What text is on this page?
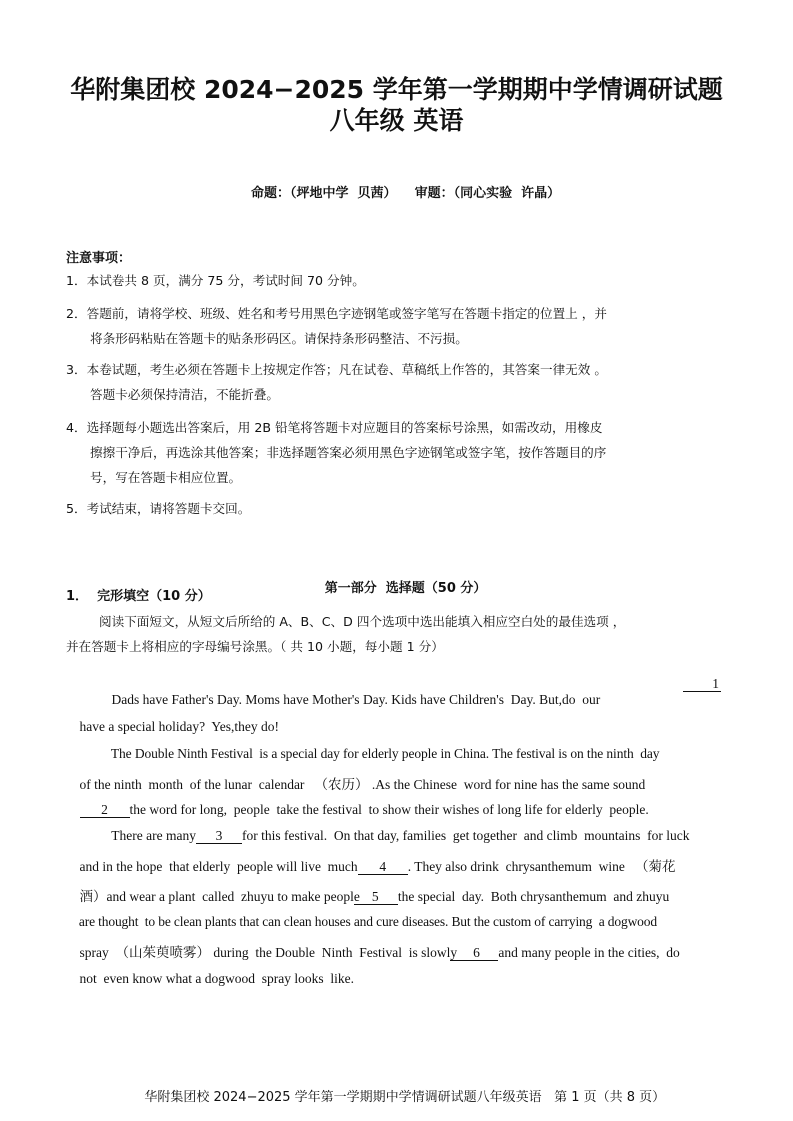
华附集团校 2024−2025 学年第一学期期中学情调研试题
八年级 英语

命题：（坪地中学  贝茜）    审题：（同心实验  许晶）

注意事项：
1．本试卷共 8 页，满分 75 分，考试时间 70 分钟。
2．答题前，请将学校、班级、姓名和考号用黑色字迹钢笔或签字笔写在答题卡指定的位置上 ，并
将条形码粘贴在答题卡的贴条形码区。请保持条形码整洁、不污损。
3．本卷试题，考生必须在答题卡上按规定作答；凡在试卷、草稿纸上作答的，其答案一律无效 。
答题卡必须保持清洁，不能折叠。
4．选择题每小题选出答案后，用 2B 铅笔将答题卡对应题目的答案标号涂黑，如需改动，用橡皮
擦擦干净后，再选涂其他答案；非选择题答案必须用黑色字迹钢笔或签字笔，按作答题目的序
号，写在答题卡相应位置。
5．考试结束，请将答题卡交回。

第一部分  选择题（50 分）

1．  完形填空（10 分）
阅读下面短文，从短文后所给的 A、B、C、D 四个选项中选出能填入相应空白处的最佳选项 ，
并在答题卡上将相应的字母编号涂黑。（ 共 10 小题，每小题 1 分）

Dads have Father's Day. Moms have Mother's Day. Kids have Children's  Day. But,do  our

1

have a special holiday?  Yes,they do!

The Double Ninth Festival  is a special day for elderly people in China. The festival is on the ninth  day

of the ninth  month  of the lunar  calendar   （农历） .As the Chinese  word for nine has the same sound

2 the word for long,  people  take the festival  to show their wishes of long life for elderly  people.

There are many 3 for this festival.  On that day, families  get together  and climb  mountains  for luck

and in the hope  that elderly  people will live  much 4 . They also drink  chrysanthemum  wine   （菊花

酒）and wear a plant  called  zhuyu to make people 5 the special  day.  Both chrysanthemum  and zhuyu

are thought  to be clean plants that can clean houses and cure diseases. But the custom of carrying  a dogwood

spray  （山茱萸喷雾） during  the Double  Ninth  Festival  is slowly 6 and many people in the cities,  do

not  even know what a dogwood  spray looks  like.

华附集团校 2024−2025 学年第一学期期中学情调研试题八年级英语   第 1 页（共 8 页）
